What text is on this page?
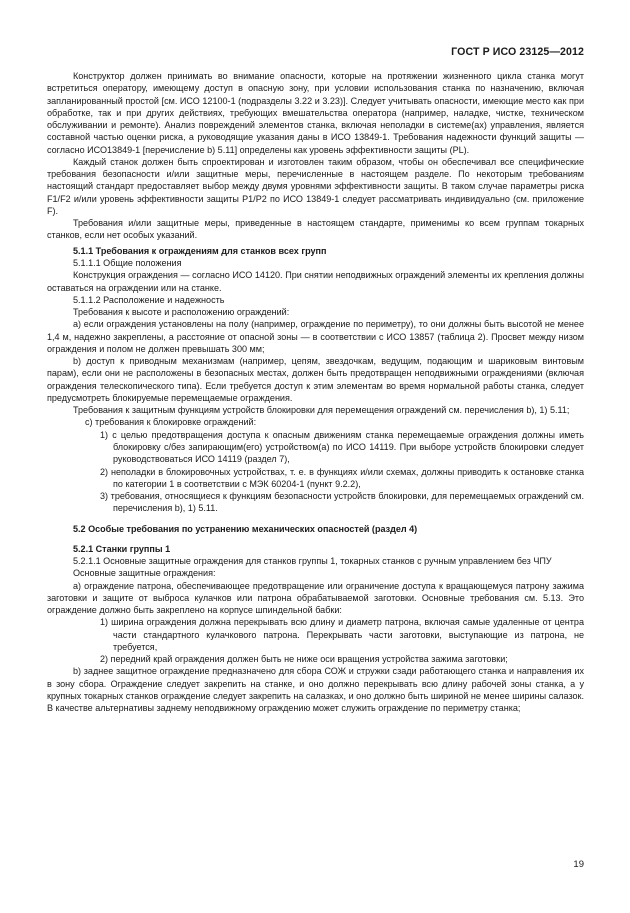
ГОСТ Р ИСО 23125—2012

Конструктор должен принимать во внимание опасности, которые на протяжении жизненного цикла станка могут встретиться оператору, имеющему доступ в опасную зону, при условии использования станка по назначению, включая запланированный простой [см. ИСО 12100-1 (подразделы 3.22 и 3.23)]. Следует учитывать опасности, имеющие место как при обработке, так и при других действиях, требующих вмешательства оператора (например, наладке, чистке, техническом обслуживании и ремонте). Анализ повреждений элементов станка, включая неполадки в системе(ах) управления, является составной частью оценки риска, а руководящие указания даны в ИСО 13849-1. Требования надежности функций защиты — согласно ИСО13849-1 [перечисление b) 5.11] определены как уровень эффективности защиты (PL).

Каждый станок должен быть спроектирован и изготовлен таким образом, чтобы он обеспечивал все специфические требования безопасности и/или защитные меры, перечисленные в настоящем разделе. По некоторым требованиям настоящий стандарт предоставляет выбор между двумя уровнями эффективности защиты. В таком случае параметры риска F1/F2 и/или уровень эффективности защиты P1/P2 по ИСО 13849-1 следует рассматривать индивидуально (см. приложение F).

Требования и/или защитные меры, приведенные в настоящем стандарте, применимы ко всем группам токарных станков, если нет особых указаний.

5.1.1 Требования к ограждениям для станков всех групп

5.1.1.1 Общие положения

Конструкция ограждения — согласно ИСО 14120. При снятии неподвижных ограждений элементы их крепления должны оставаться на ограждении или на станке.

5.1.1.2 Расположение и надежность

Требования к высоте и расположению ограждений:

а) если ограждения установлены на полу (например, ограждение по периметру), то они должны быть высотой не менее 1,4 м, надежно закреплены, а расстояние от опасной зоны — в соответствии с ИСО 13857 (таблица 2). Просвет между низом ограждения и полом не должен превышать 300 мм;

b) доступ к приводным механизмам (например, цепям, звездочкам, ведущим, подающим и шариковым винтовым парам), если они не расположены в безопасных местах, должен быть предотвращен неподвижными ограждениями (включая ограждения телескопического типа). Если требуется доступ к этим элементам во время нормальной работы станка, следует предусмотреть блокируемые перемещаемые ограждения.

Требования к защитным функциям устройств блокировки для перемещения ограждений см. перечисления b), 1) 5.11;

с) требования к блокировке ограждений:

1) с целью предотвращения доступа к опасным движениям станка перемещаемые ограждения должны иметь блокировку с/без запирающим(его) устройством(а) по ИСО 14119. При выборе устройств блокировки следует руководствоваться ИСО 14119 (раздел 7),

2) неполадки в блокировочных устройствах, т. е. в функциях и/или схемах, должны приводить к остановке станка по категории 1 в соответствии с МЭК 60204-1 (пункт 9.2.2),

3) требования, относящиеся к функциям безопасности устройств блокировки, для перемещаемых ограждений см. перечисления b), 1) 5.11.

5.2 Особые требования по устранению механических опасностей (раздел 4)

5.2.1 Станки группы 1

5.2.1.1 Основные защитные ограждения для станков группы 1, токарных станков с ручным управлением без ЧПУ

Основные защитные ограждения:

а) ограждение патрона, обеспечивающее предотвращение или ограничение доступа к вращающемуся патрону зажима заготовки и защите от выброса кулачков или патрона обрабатываемой заготовки. Основные требования см. 5.13. Это ограждение должно быть закреплено на корпусе шпиндельной бабки:

1) ширина ограждения должна перекрывать всю длину и диаметр патрона, включая самые удаленные от центра части стандартного кулачкового патрона. Перекрывать части заготовки, выступающие из патрона, не требуется,

2) передний край ограждения должен быть не ниже оси вращения устройства зажима заготовки;

b) заднее защитное ограждение предназначено для сбора СОЖ и стружки сзади работающего станка и направления их в зону сбора. Ограждение следует закрепить на станке, и оно должно перекрывать всю длину рабочей зоны станка, а у крупных токарных станков ограждение следует закрепить на салазках, и оно должно быть шириной не менее ширины салазок. В качестве альтернативы заднему неподвижному ограждению может служить ограждение по периметру станка;

19
